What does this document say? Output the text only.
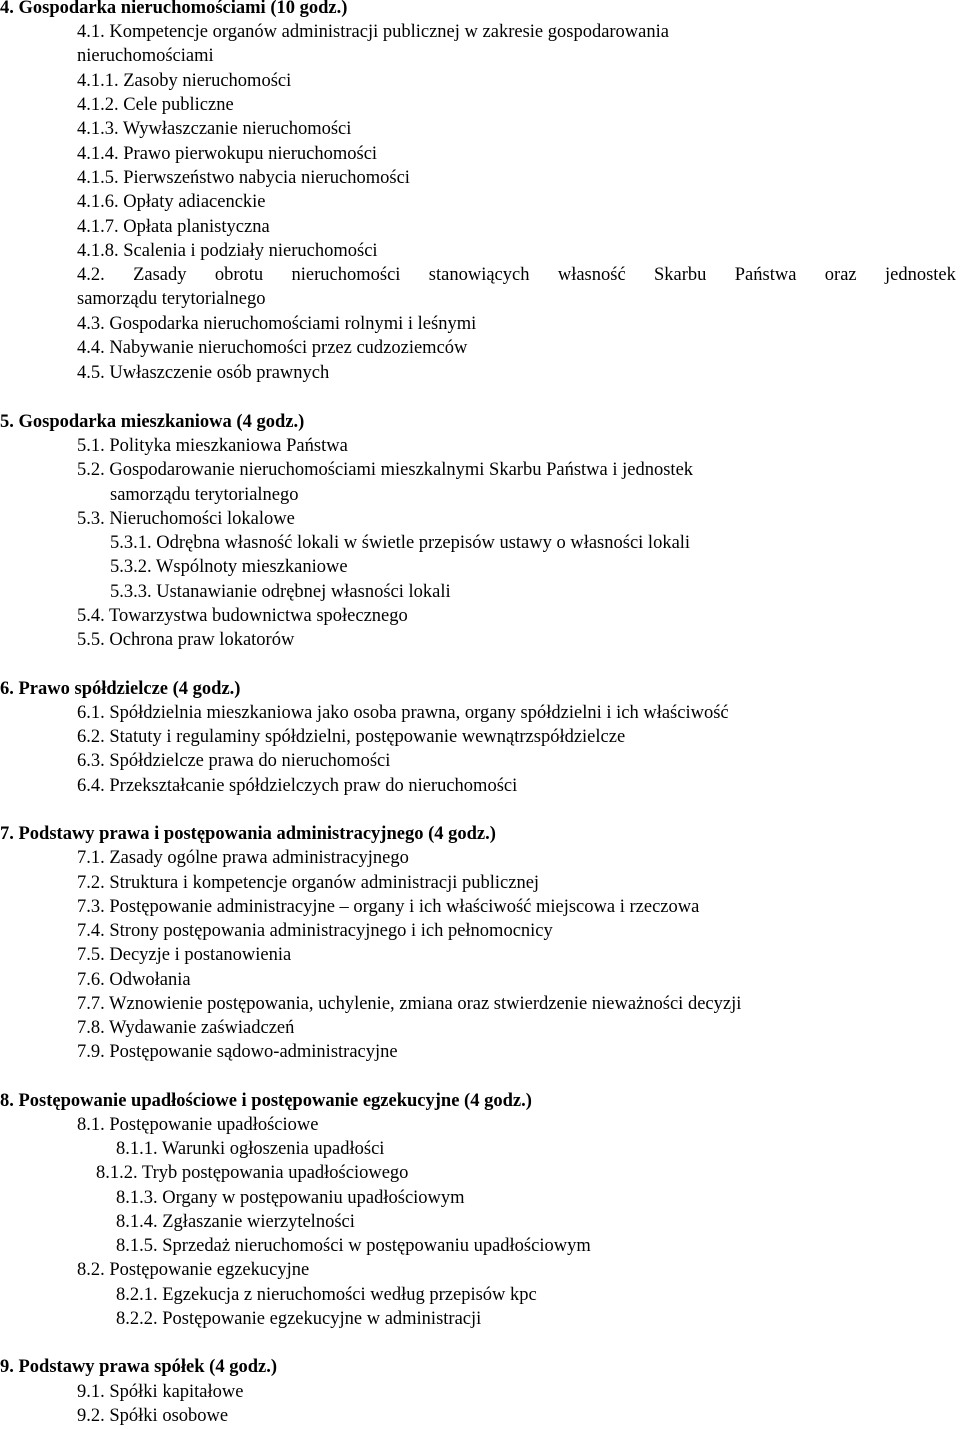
4. Gospodarka nieruchomościami (10 godz.)
4.1. Kompetencje organów administracji publicznej w zakresie gospodarowania
nieruchomościami
4.1.1. Zasoby nieruchomości
4.1.2. Cele publiczne
4.1.3. Wywłaszczanie nieruchomości
4.1.4. Prawo pierwokupu nieruchomości
4.1.5. Pierwszeństwo nabycia nieruchomości
4.1.6. Opłaty adiacenckie
4.1.7. Opłata planistyczna
4.1.8. Scalenia i podziały nieruchomości
4.2. Zasady obrotu nieruchomości stanowiących własność Skarbu Państwa oraz jednostek
samorządu terytorialnego
4.3. Gospodarka nieruchomościami rolnymi i leśnymi
4.4. Nabywanie nieruchomości przez cudzoziemców
4.5. Uwłaszczenie osób prawnych
5. Gospodarka mieszkaniowa (4 godz.)
5.1. Polityka mieszkaniowa Państwa
5.2. Gospodarowanie nieruchomościami mieszkalnymi Skarbu Państwa i jednostek
samorządu terytorialnego
5.3. Nieruchomości lokalowe
5.3.1. Odrębna własność lokali w świetle przepisów ustawy o własności lokali
5.3.2. Wspólnoty mieszkaniowe
5.3.3. Ustanawianie odrębnej własności lokali
5.4. Towarzystwa budownictwa społecznego
5.5. Ochrona praw lokatorów
6. Prawo spółdzielcze (4 godz.)
6.1. Spółdzielnia mieszkaniowa jako osoba prawna, organy spółdzielni i ich właściwość
6.2. Statuty i regulaminy spółdzielni, postępowanie wewnątrzspółdzielcze
6.3. Spółdzielcze prawa do nieruchomości
6.4. Przekształcanie spółdzielczych praw do nieruchomości
7. Podstawy prawa i postępowania administracyjnego (4 godz.)
7.1. Zasady ogólne prawa administracyjnego
7.2. Struktura i kompetencje organów administracji publicznej
7.3. Postępowanie administracyjne – organy i ich właściwość miejscowa i rzeczowa
7.4. Strony postępowania administracyjnego i ich pełnomocnicy
7.5. Decyzje i postanowienia
7.6. Odwołania
7.7. Wznowienie postępowania, uchylenie, zmiana oraz stwierdzenie nieważności decyzji
7.8. Wydawanie zaświadczeń
7.9. Postępowanie sądowo-administracyjne
8. Postępowanie upadłościowe i postępowanie egzekucyjne (4 godz.)
8.1. Postępowanie upadłościowe
8.1.1. Warunki ogłoszenia upadłości
8.1.2. Tryb postępowania upadłościowego
8.1.3. Organy w postępowaniu upadłościowym
8.1.4. Zgłaszanie wierzytelności
8.1.5. Sprzedaż nieruchomości w postępowaniu upadłościowym
8.2. Postępowanie egzekucyjne
8.2.1. Egzekucja z nieruchomości według przepisów kpc
8.2.2. Postępowanie egzekucyjne w administracji
9. Podstawy prawa spółek (4 godz.)
9.1. Spółki kapitałowe
9.2. Spółki osobowe
